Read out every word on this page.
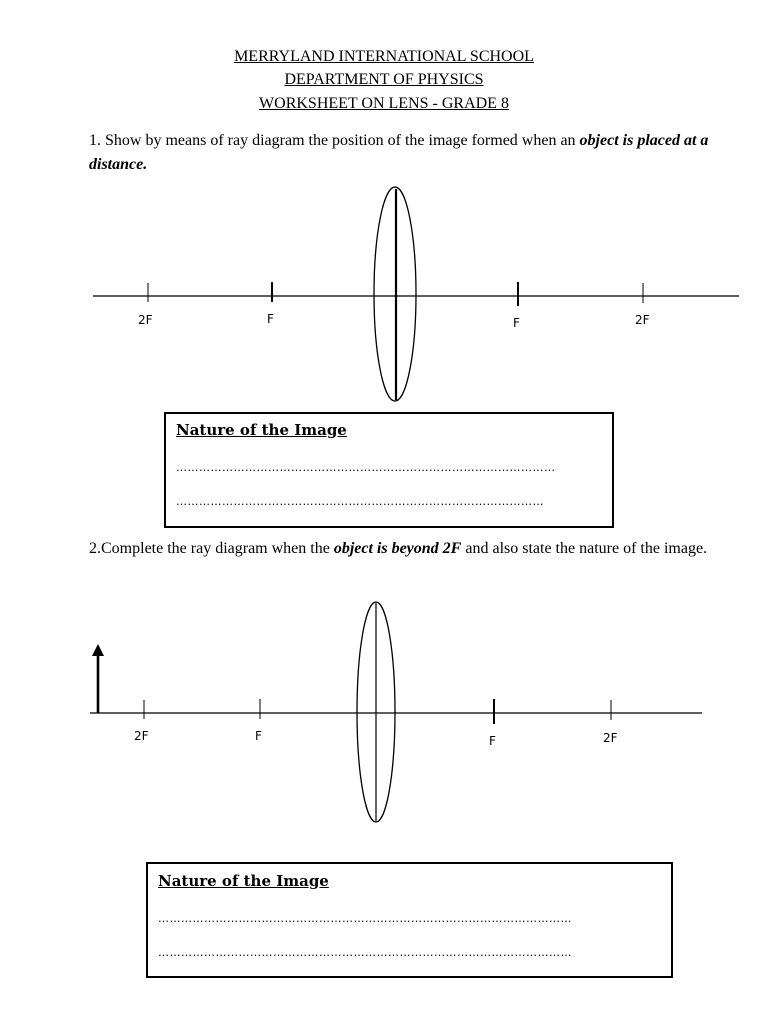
MERRYLAND INTERNATIONAL SCHOOL
DEPARTMENT OF PHYSICS
WORKSHEET ON LENS - GRADE 8
1. Show by means of ray diagram the position of the image formed when an object is placed at a distance.
2F	F	F	2F
Nature of the Image
………………………………………………………………………………………
……………………………………………………………………………………
2.Complete the ray diagram when the object is beyond 2F and also state the nature of the image.
2F	F	F	2F
Nature of the Image
………………………………………………………………………………………………
………………………………………………………………………………………………
